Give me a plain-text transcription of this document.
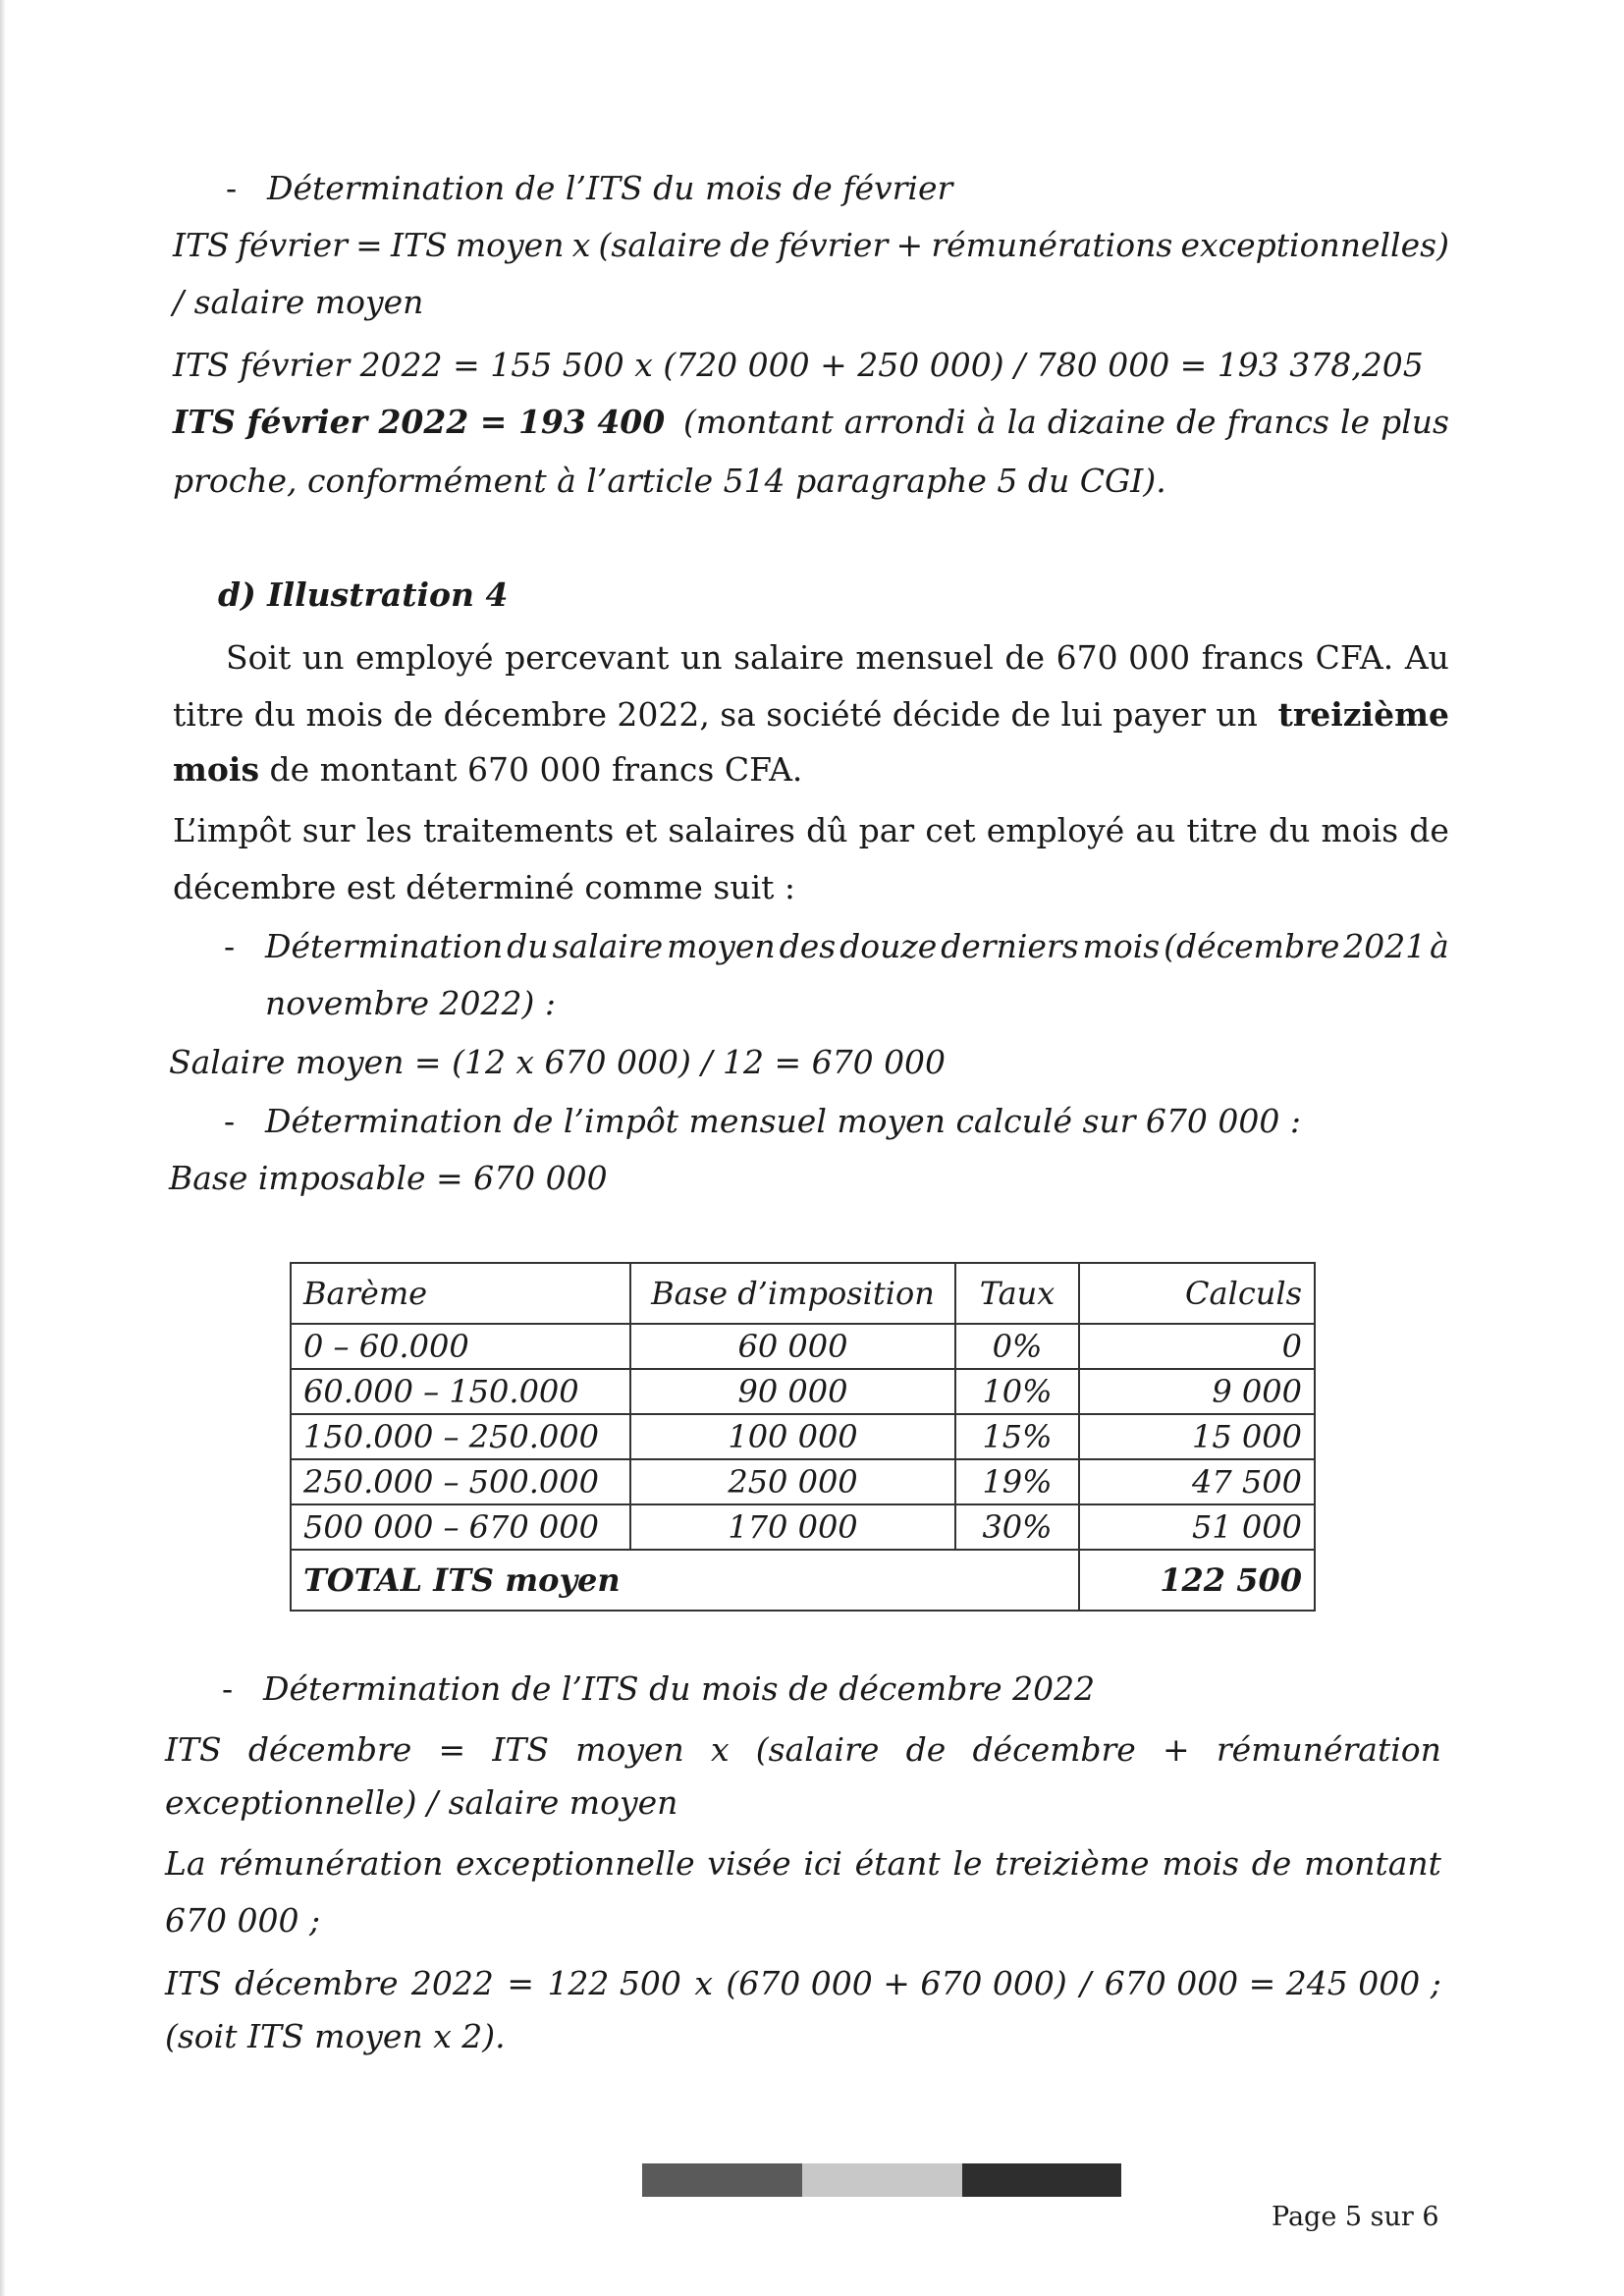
- Détermination de l’ITS du mois de février
ITS février = ITS moyen x (salaire de février + rémunérations exceptionnelles)
/ salaire moyen
ITS février 2022 = 155 500 x (720 000 + 250 000) / 780 000 = 193 378,205
ITS février 2022 = 193 400 (montant arrondi à la dizaine de francs le plus
proche, conformément à l’article 514 paragraphe 5 du CGI).
d) Illustration 4
Soit un employé percevant un salaire mensuel de 670 000 francs CFA. Au
titre du mois de décembre 2022, sa société décide de lui payer un treizième
mois de montant 670 000 francs CFA.
L’impôt sur les traitements et salaires dû par cet employé au titre du mois de
décembre est déterminé comme suit :
- Détermination du salaire moyen des douze derniers mois (décembre 2021 à
novembre 2022) :
Salaire moyen = (12 x 670 000) / 12 = 670 000
- Détermination de l’impôt mensuel moyen calculé sur 670 000 :
Base imposable = 670 000
Barème	Base d’imposition	Taux	Calculs
0 – 60.000	60 000	0%	0
60.000 – 150.000	90 000	10%	9 000
150.000 – 250.000	100 000	15%	15 000
250.000 – 500.000	250 000	19%	47 500
500 000 – 670 000	170 000	30%	51 000
TOTAL ITS moyen			122 500
- Détermination de l’ITS du mois de décembre 2022
ITS décembre = ITS moyen x (salaire de décembre + rémunération
exceptionnelle) / salaire moyen
La rémunération exceptionnelle visée ici étant le treizième mois de montant
670 000 ;
ITS décembre 2022 = 122 500 x (670 000 + 670 000) / 670 000 = 245 000 ;
(soit ITS moyen x 2).
Page 5 sur 6
